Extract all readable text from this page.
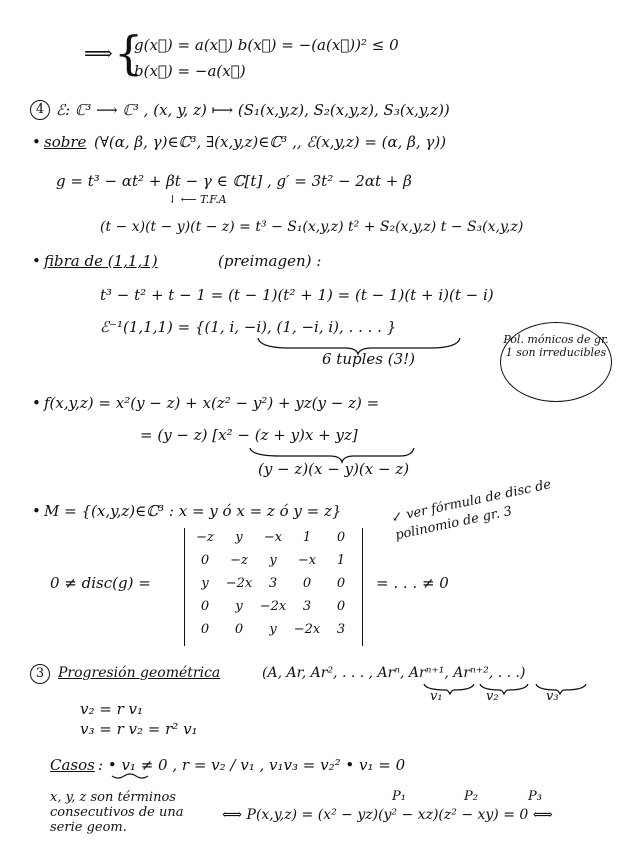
⟹ {
g(x⃗) = a(x⃗) b(x⃗) = −(a(x⃗))² ≤ 0
b(x⃗) = −a(x⃗)
4 ℰ: ℂ³ ⟶ ℂ³ , (x, y, z) ⟼ (S₁(x,y,z), S₂(x,y,z), S₃(x,y,z))
• sobre (∀(α, β, γ)∈ℂ³, ∃(x,y,z)∈ℂ³ ,, ℰ(x,y,z) = (α, β, γ))
g = t³ − αt² + βt − γ ∈ ℂ[t] , g′ = 3t² − 2αt + β
⇃ ⟵ T.F.A
(t − x)(t − y)(t − z) = t³ − S₁(x,y,z) t² + S₂(x,y,z) t − S₃(x,y,z)
• fibra de (1,1,1)	(preimagen) :
t³ − t² + t − 1 = (t − 1)(t² + 1) = (t − 1)(t + i)(t − i)
ℰ⁻¹(1,1,1) = {(1, i, −i), (1, −i, i), . . . . }
6 tuples (3!)
Pol. mónicos de gr. 1 son irreducibles
• f(x,y,z) = x²(y − z) + x(z² − y²) + yz(y − z) =
= (y − z) [x² − (z + y)x + yz]
(y − z)(x − y)(x − z)
• M = {(x,y,z)∈ℂ³ : x = y ó x = z ó y = z}	↙ ver fórmula de disc de polinomio de gr. 3
0 ≠ disc(g) =
−z	y	−x	1	0
0	−z	y	−x	1
y	−2x	3	0	0
0	y	−2x	3	0
0	0	y	−2x	3
= . . . ≠ 0
3 Progresión geométrica	(A, Ar, Ar², . . . , Arⁿ, Arⁿ⁺¹, Arⁿ⁺², . . .)
v₁	v₂	v₃
v₂ = r v₁
v₃ = r v₂ = r² v₁
Casos : • v₁ ≠ 0 , r = v₂ / v₁ , v₁v₃ = v₂² • v₁ = 0
x, y, z son términos consecutivos de una serie geom.
P₁	P₂	P₃
⟺ P(x,y,z) = (x² − yz)(y² − xz)(z² − xy) = 0 ⟺
